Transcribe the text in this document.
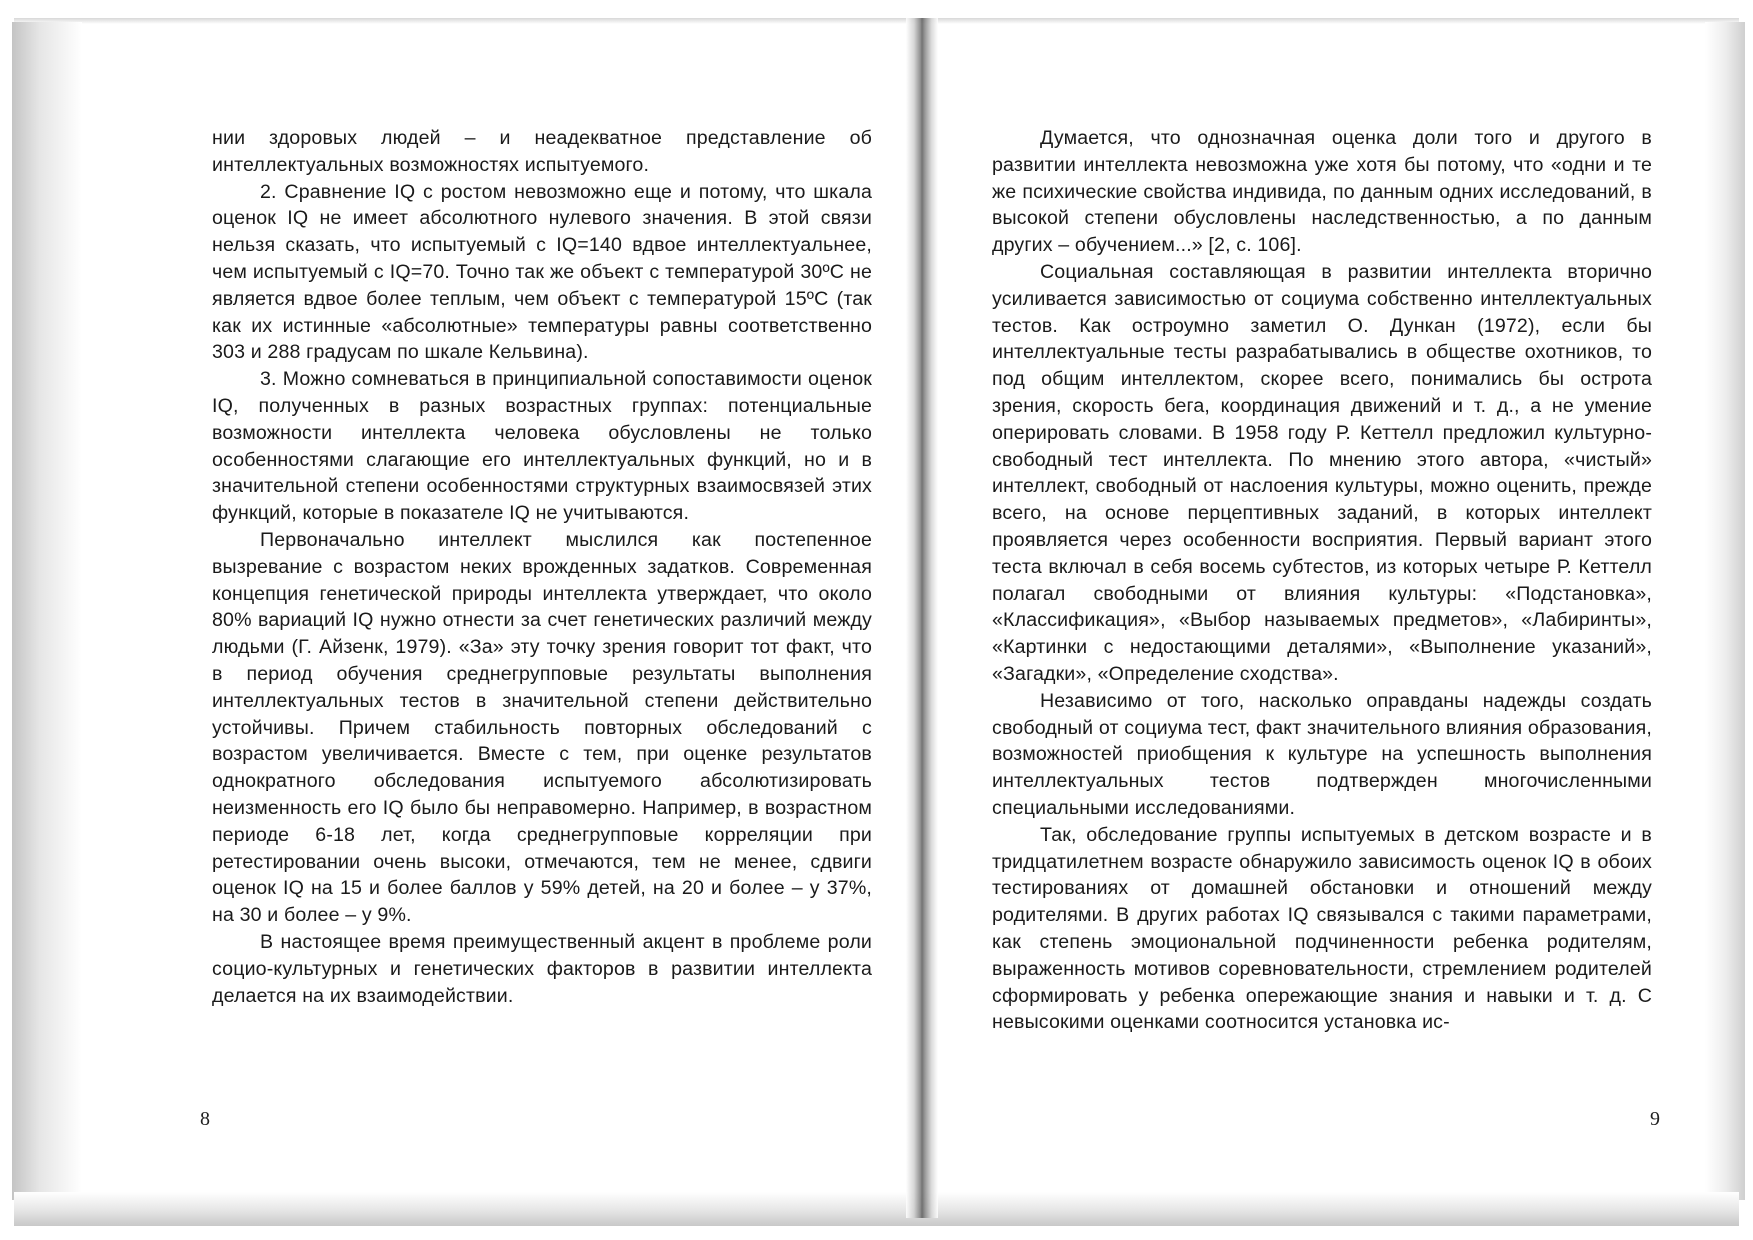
нии здоровых людей – и неадекватное представление об интеллектуальных возможностях испытуемого.

2. Сравнение IQ с ростом невозможно еще и потому, что шкала оценок IQ не имеет абсолютного нулевого значения. В этой связи нельзя сказать, что испытуемый с IQ=140 вдвое интеллектуальнее, чем испытуемый с IQ=70. Точно так же объект с температурой 30ºС не является вдвое более теплым, чем объект с температурой 15ºС (так как их истинные «абсолютные» температуры равны соответственно 303 и 288 градусам по шкале Кельвина).

3. Можно сомневаться в принципиальной сопоставимости оценок IQ, полученных в разных возрастных группах: потенциальные возможности интеллекта человека обусловлены не только особенностями слагающие его интеллектуальных функций, но и в значительной степени особенностями структурных взаимосвязей этих функций, которые в показателе IQ не учитываются.

Первоначально интеллект мыслился как постепенное вызревание с возрастом неких врожденных задатков. Современная концепция генетической природы интеллекта утверждает, что около 80% вариаций IQ нужно отнести за счет генетических различий между людьми (Г. Айзенк, 1979). «За» эту точку зрения говорит тот факт, что в период обучения среднегрупповые результаты выполнения интеллектуальных тестов в значительной степени действительно устойчивы. Причем стабильность повторных обследований с возрастом увеличивается. Вместе с тем, при оценке результатов однократного обследования испытуемого абсолютизировать неизменность его IQ было бы неправомерно. Например, в возрастном периоде 6-18 лет, когда среднегрупповые корреляции при ретестировании очень высоки, отмечаются, тем не менее, сдвиги оценок IQ на 15 и более баллов у 59% детей, на 20 и более – у 37%, на 30 и более – у 9%.

В настоящее время преимущественный акцент в проблеме роли социо-культурных и генетических факторов в развитии интеллекта делается на их взаимодействии.

8

Думается, что однозначная оценка доли того и другого в развитии интеллекта невозможна уже хотя бы потому, что «одни и те же психические свойства индивида, по данным одних исследований, в высокой степени обусловлены наследственностью, а по данным других – обучением...» [2, с. 106].

Социальная составляющая в развитии интеллекта вторично усиливается зависимостью от социума собственно интеллектуальных тестов. Как остроумно заметил О. Дункан (1972), если бы интеллектуальные тесты разрабатывались в обществе охотников, то под общим интеллектом, скорее всего, понимались бы острота зрения, скорость бега, координация движений и т. д., а не умение оперировать словами. В 1958 году Р. Кеттелл предложил культурно-свободный тест интеллекта. По мнению этого автора, «чистый» интеллект, свободный от наслоения культуры, можно оценить, прежде всего, на основе перцептивных заданий, в которых интеллект проявляется через особенности восприятия. Первый вариант этого теста включал в себя восемь субтестов, из которых четыре Р. Кеттелл полагал свободными от влияния культуры: «Подстановка», «Классификация», «Выбор называемых предметов», «Лабиринты», «Картинки с недостающими деталями», «Выполнение указаний», «Загадки», «Определение сходства».

Независимо от того, насколько оправданы надежды создать свободный от социума тест, факт значительного влияния образования, возможностей приобщения к культуре на успешность выполнения интеллектуальных тестов подтвержден многочисленными специальными исследованиями.

Так, обследование группы испытуемых в детском возрасте и в тридцатилетнем возрасте обнаружило зависимость оценок IQ в обоих тестированиях от домашней обстановки и отношений между родителями. В других работах IQ связывался с такими параметрами, как степень эмоциональной подчиненности ребенка родителям, выраженность мотивов соревновательности, стремлением родителей сформировать у ребенка опережающие знания и навыки и т. д. С невысокими оценками соотносится установка ис-

9
